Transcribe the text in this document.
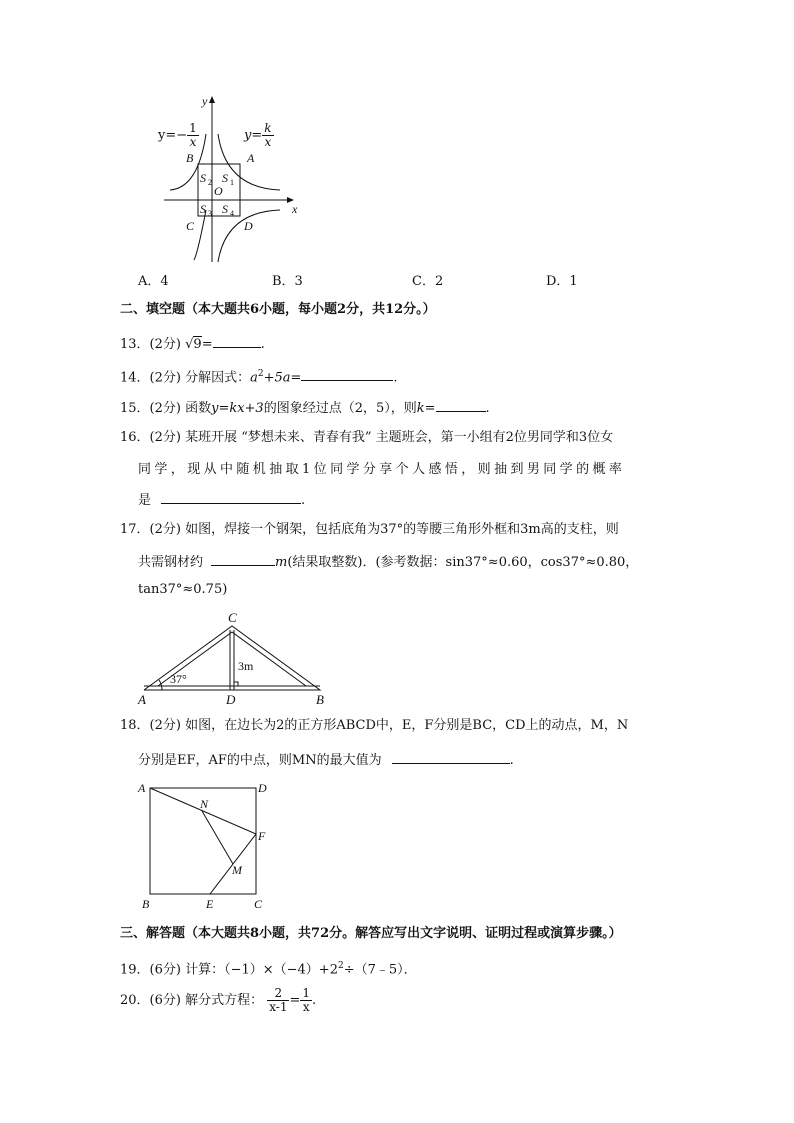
y
x
S 1
S 2
S 3 S 4
O
A
B
C	D
$y=- \frac{1}{x}$	$y= \frac{k}{x}$
A．4	B．3	C．2	D．1
二、填空题（本大题共6小题，每小题2分，共12分。）
13．(2分) √9=	.
14．(2分) 分解因式：$a^2+5a=$	.
15．(2分) 函数y=kx+3的图象经过点（2，5），则k=	.
16．(2分) 某班开展 “梦想未来、青春有我” 主题班会，第一小组有2位男同学和3位女
同学，现从中随机抽取1位同学分享个人感悟，则抽到男同学的概率
是	.
17．(2分) 如图，焊接一个钢架，包括底角为37°的等腰三角形外框和3m高的支柱，则
共需钢材约	m(结果取整数)．(参考数据：sin37°≈0.60，cos37°≈0.80，
tan37°≈0.75)
C
A	D	B
37°
3m
18．(2分) 如图，在边长为2的正方形ABCD中，E，F分别是BC，CD上的动点，M，N
分别是EF，AF的中点，则MN的最大值为	.
A	D
B	C
E
F
N
M
三、解答题（本大题共8小题，共72分。解答应写出文字说明、证明过程或演算步骤。）
19．(6分) 计算：$(-1)\times(-4)+2^2\div(7﹣5)$．
20．(6分) 解分式方程： $\frac{2}{x-1} = \frac{1}{x}$ .
